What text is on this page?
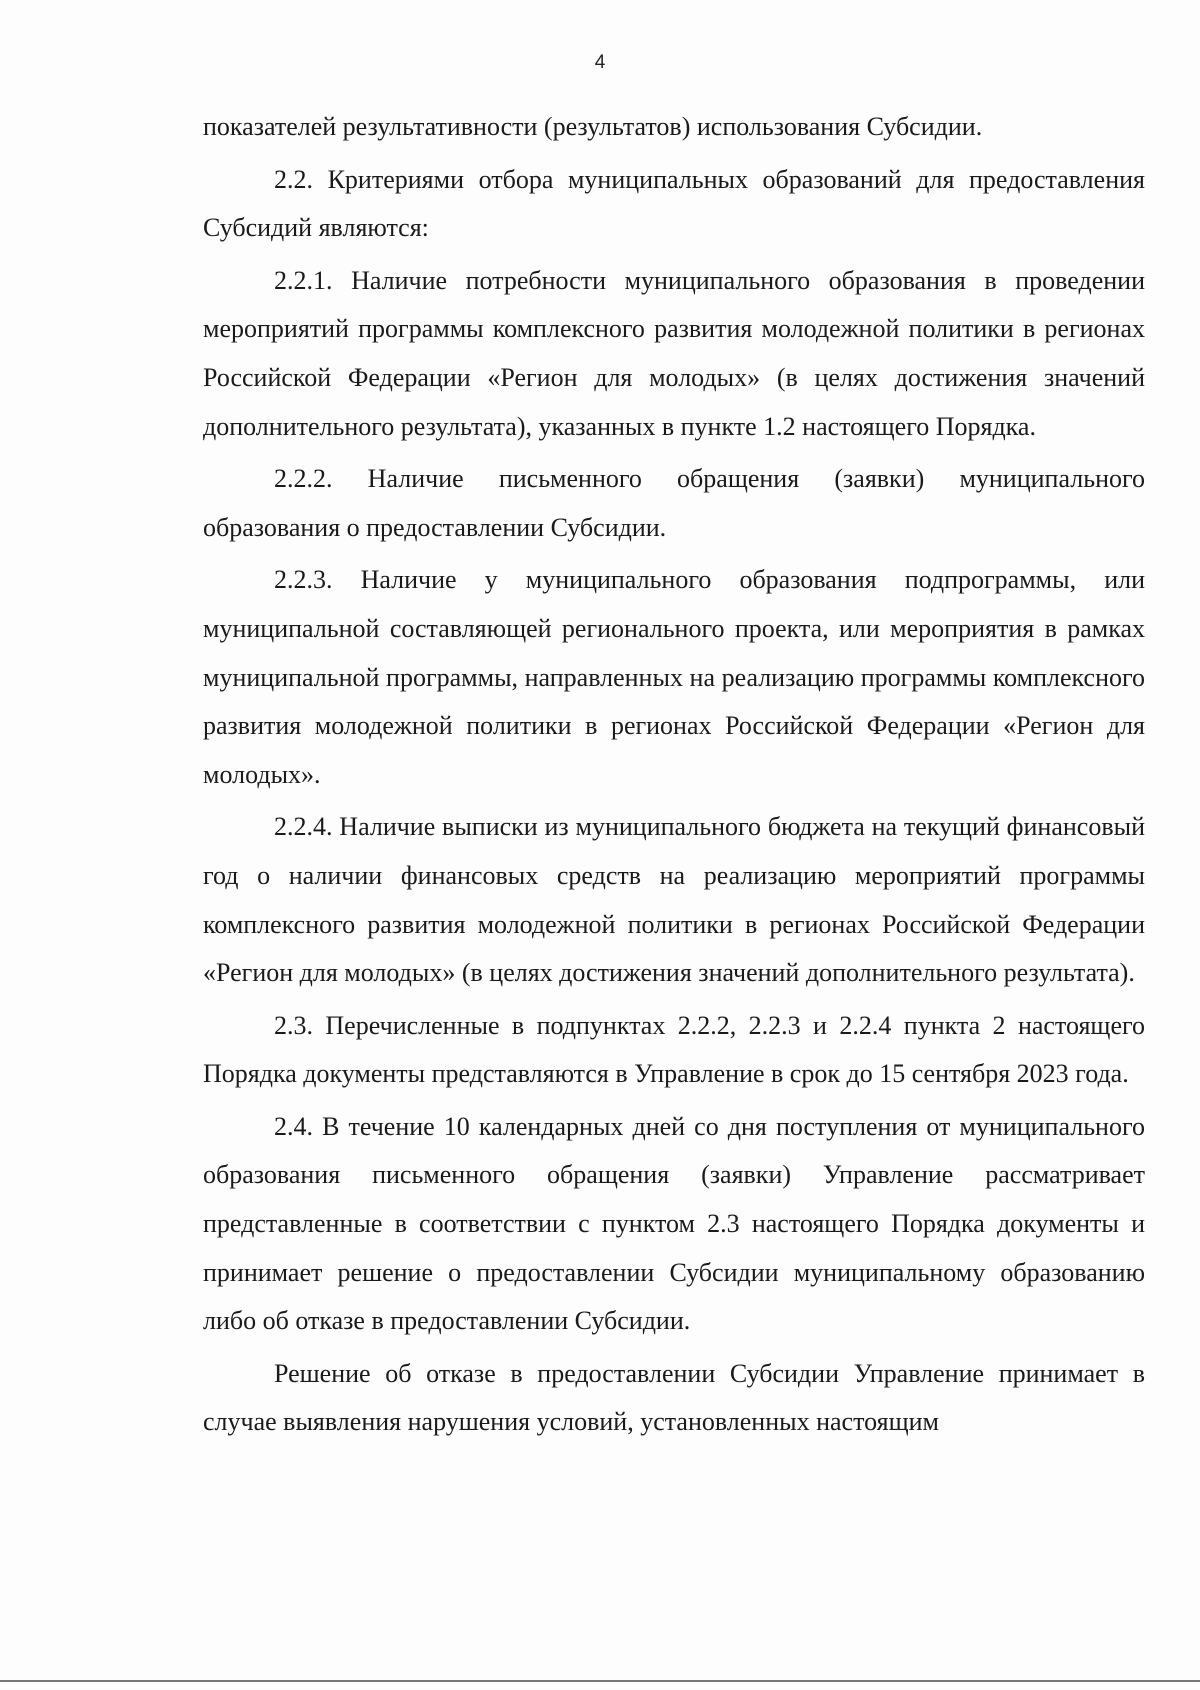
4

показателей результативности (результатов) использования Субсидии.

2.2. Критериями отбора муниципальных образований для предоставления Субсидий являются:

2.2.1. Наличие потребности муниципального образования в проведении мероприятий программы комплексного развития молодежной политики в регионах Российской Федерации «Регион для молодых» (в целях достижения значений дополнительного результата), указанных в пункте 1.2 настоящего Порядка.

2.2.2. Наличие письменного обращения (заявки) муниципального образования о предоставлении Субсидии.

2.2.3. Наличие у муниципального образования подпрограммы, или муниципальной составляющей регионального проекта, или мероприятия в рамках муниципальной программы, направленных на реализацию программы комплексного развития молодежной политики в регионах Российской Федерации «Регион для молодых».

2.2.4. Наличие выписки из муниципального бюджета на текущий финансовый год о наличии финансовых средств на реализацию мероприятий программы комплексного развития молодежной политики в регионах Российской Федерации «Регион для молодых» (в целях достижения значений дополнительного результата).

2.3. Перечисленные в подпунктах 2.2.2, 2.2.3 и 2.2.4 пункта 2 настоящего Порядка документы представляются в Управление в срок до 15 сентября 2023 года.

2.4. В течение 10 календарных дней со дня поступления от муниципального образования письменного обращения (заявки) Управление рассматривает представленные в соответствии с пунктом 2.3 настоящего Порядка документы и принимает решение о предоставлении Субсидии муниципальному образованию либо об отказе в предоставлении Субсидии.

Решение об отказе в предоставлении Субсидии Управление принимает в случае выявления нарушения условий, установленных настоящим
